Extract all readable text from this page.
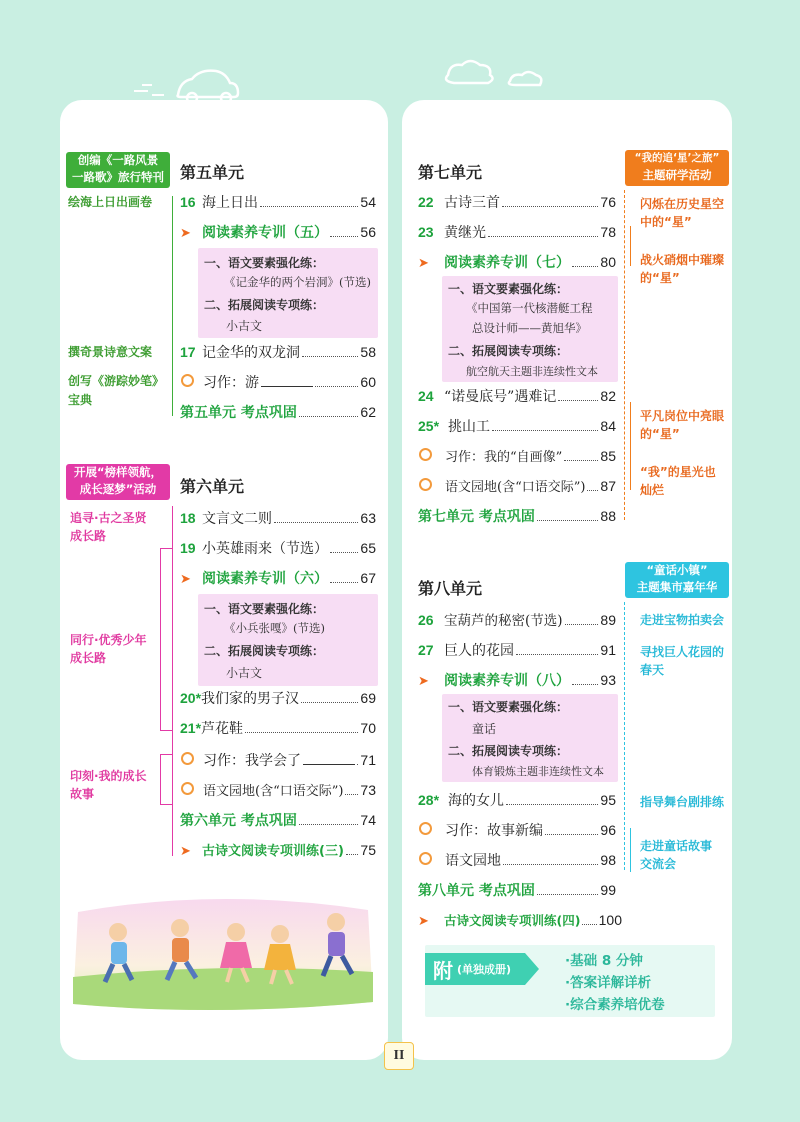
创编《一路风景
一路歌》旅行特刊	第五单元
绘海上日出画卷
撰奇景诗意文案
创写《游踪妙笔》
宝典
16 海上日出	54
➤ 阅读素养专训（五） 56
一、语文要素强化练：
《记金华的两个岩洞》(节选)
二、拓展阅读专项练：
小古文
17 记金华的双龙洞	58
习作：游	60
第五单元 考点巩固	62
开展“榜样领航，
成长逐梦”活动	第六单元
追寻·古之圣贤
成长路
同行·优秀少年
成长路
印刻·我的成长
故事
18 文言文二则	63
19 小英雄雨来（节选） 65
➤ 阅读素养专训（六） 67
一、语文要素强化练：
《小兵张嘎》(节选)
二、拓展阅读专项练：
小古文
20* 我们家的男子汉	69
21* 芦花鞋	70
习作：我学会了	71
语文园地(含“口语交际”) 73
第六单元 考点巩固	74
➤ 古诗文阅读专项训练(三) 75
第七单元
“我的追‘星’之旅”
主题研学活动
闪烁在历史星空
中的“星”
战火硝烟中璀璨
的“星”
平凡岗位中亮眼
的“星”
“我”的星光也
灿烂
22 古诗三首	76
23 黄继光	78
➤	阅读素养专训（七） 80
一、语文要素强化练：
《中国第一代核潜艇工程
总设计师——黄旭华》
二、拓展阅读专项练：
航空航天主题非连续性文本
24 “诺曼底号”遇难记	82
25* 挑山工	84
习作：我的“自画像”	85
语文园地(含“口语交际”) 87
第七单元 考点巩固	88
第八单元
“童话小镇”
主题集市嘉年华
走进宝物拍卖会
寻找巨人花园的
春天
指导舞台剧排练
走进童话故事
交流会
26 宝葫芦的秘密(节选)	89
27 巨人的花园	91
➤	阅读素养专训（八） 93
一、语文要素强化练：
童话
二、拓展阅读专项练：
体育锻炼主题非连续性文本
28* 海的女儿	95
习作：故事新编	96
语文园地	98
第八单元 考点巩固	99
➤	古诗文阅读专项训练(四) 100
附 (单独成册)
·基础 8 分钟
·答案详解详析
·综合素养培优卷
II
